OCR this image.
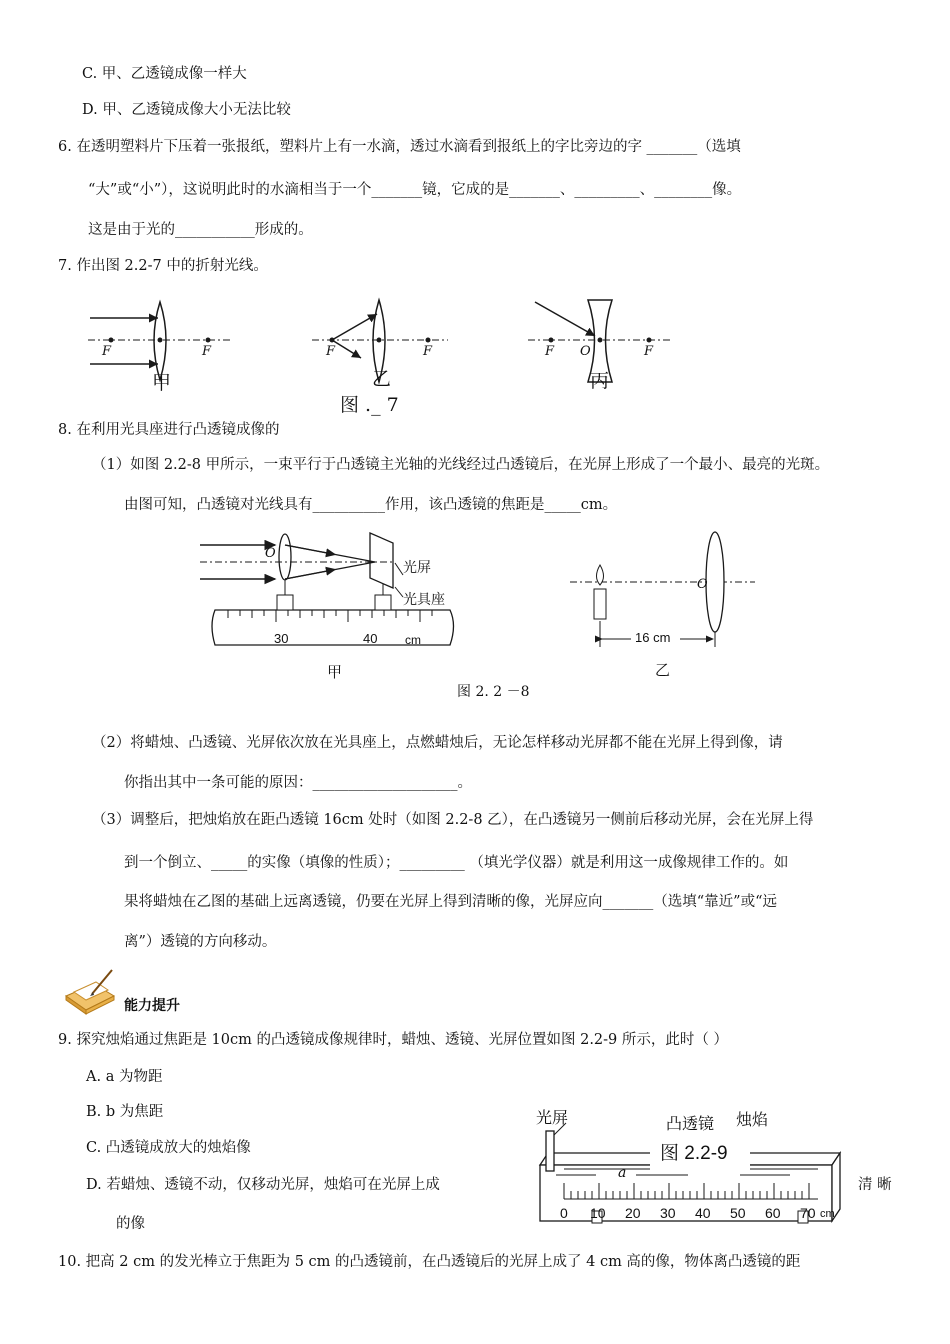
C. 甲、乙透镜成像一样大
D. 甲、乙透镜成像大小无法比较
6. 在透明塑料片下压着一张报纸，塑料片上有一水滴，透过水滴看到报纸上的字比旁边的字 _______（选填
“大”或“小”），这说明此时的水滴相当于一个_______镜，它成的是_______、_________、________像。
这是由于光的___________形成的。
7. 作出图 2.2-7 中的折射光线。
F	F
甲
F	F
乙
F O	F
丙
图 ._ 7
8. 在利用光具座进行凸透镜成像的
（1）如图 2.2-8 甲所示，一束平行于凸透镜主光轴的光线经过凸透镜后，在光屏上形成了一个最小、最亮的光斑。
由图可知，凸透镜对光线具有__________作用，该凸透镜的焦距是_____cm。
O
光屏
光具座
30	40 cm
甲
O
16 cm
乙
图 2. 2 －8
（2）将蜡烛、凸透镜、光屏依次放在光具座上，点燃蜡烛后，无论怎样移动光屏都不能在光屏上得到像，请
你指出其中一条可能的原因：____________________。
（3）调整后，把烛焰放在距凸透镜 16cm 处时（如图 2.2-8 乙），在凸透镜另一侧前后移动光屏，会在光屏上得
到一个倒立、_____的实像（填像的性质）；_________ （填光学仪器）就是利用这一成像规律工作的。如
果将蜡烛在乙图的基础上远离透镜，仍要在光屏上得到清晰的像，光屏应向_______（选填“靠近”或“远
离”）透镜的方向移动。
能力提升
9. 探究烛焰通过焦距是 10cm 的凸透镜成像规律时，蜡烛、透镜、光屏位置如图 2.2-9 所示，此时（ ）
A. a 为物距
B. b 为焦距
C. 凸透镜成放大的烛焰像
D. 若蜡烛、透镜不动，仅移动光屏，烛焰可在光屏上成	清 晰
的像
光屏	凸透镜 烛焰
图 2.2-9
a
0 10 20 30 40 50 60 70 cm
10. 把高 2 cm 的发光棒立于焦距为 5 cm 的凸透镜前，在凸透镜后的光屏上成了 4 cm 高的像，物体离凸透镜的距
